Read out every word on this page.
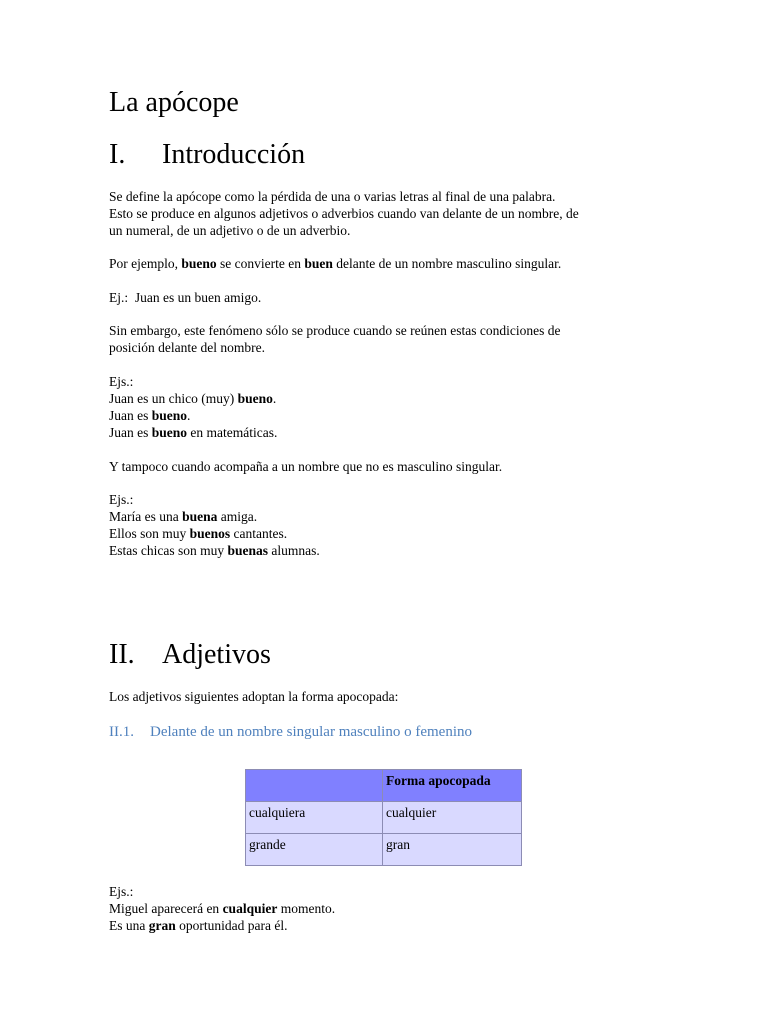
La apócope
I. Introducción

Se define la apócope como la pérdida de una o varias letras al final de una palabra.
Esto se produce en algunos adjetivos o adverbios cuando van delante de un nombre, de
un numeral, de un adjetivo o de un adverbio.

Por ejemplo, bueno se convierte en buen delante de un nombre masculino singular.

Ej.:  Juan es un buen amigo.

Sin embargo, este fenómeno sólo se produce cuando se reúnen estas condiciones de
posición delante del nombre.

Ejs.:
Juan es un chico (muy) bueno.
Juan es bueno.
Juan es bueno en matemáticas.

Y tampoco cuando acompaña a un nombre que no es masculino singular.

Ejs.:
María es una buena amiga.
Ellos son muy buenos cantantes.
Estas chicas son muy buenas alumnas.

II. Adjetivos

Los adjetivos siguientes adoptan la forma apocopada:

II.1. Delante de un nombre singular masculino o femenino
	Forma apocopada
cualquiera	cualquier
grande	gran

Ejs.:
Miguel aparecerá en cualquier momento.
Es una gran oportunidad para él.
